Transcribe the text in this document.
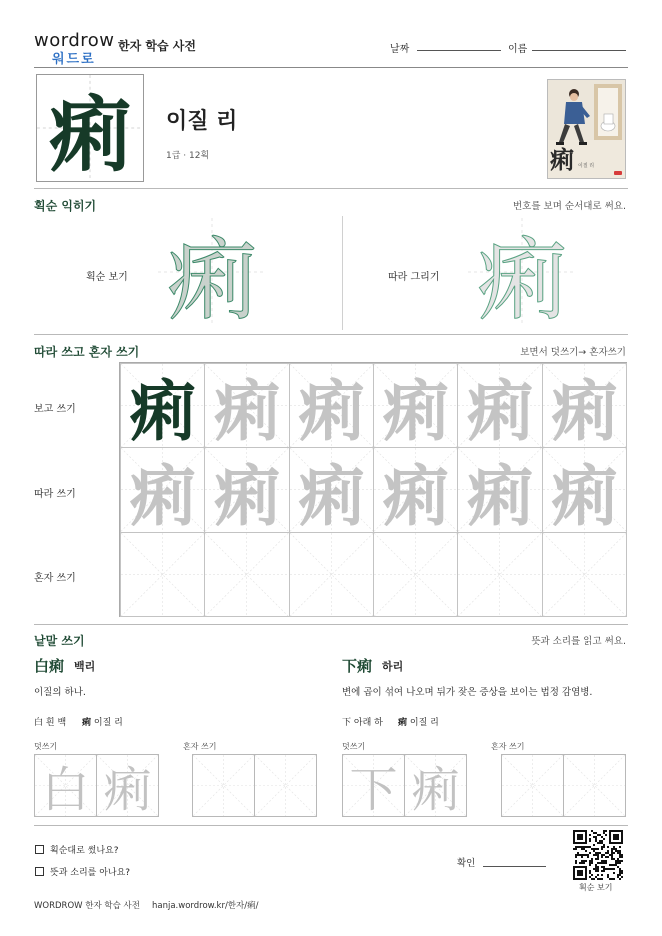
wordrow
워드로
한자 학습 사전	날짜	이름
痢	이질 리
1급 · 12획	痢 이질 리
획순 익히기	번호를 보며 순서대로 써요.
획순 보기 痢	따라 그리기 痢
따라 쓰고 혼자 쓰기	보면서 덧쓰기→ 혼자쓰기
보고 쓰기
따라 쓰기
혼자 쓰기
痢 痢 痢 痢 痢 痢
痢 痢 痢 痢 痢 痢
낱말 쓰기	뜻과 소리를 읽고 써요.
白痢 백리
이질의 하나.
白 흰 백 痢 이질 리
덧쓰기	혼자 쓰기
下痢 하리
변에 곱이 섞여 나오며 뒤가 잦은 증상을 보이는 법정 감염병.
下 아래 하 痢 이질 리
덧쓰기	혼자 쓰기
白 痢	下 痢
획순대로 썼나요?
뜻과 소리를 아나요?
확인
획순 보기
WORDROW 한자 학습 사전 hanja.wordrow.kr/한자/痢/
